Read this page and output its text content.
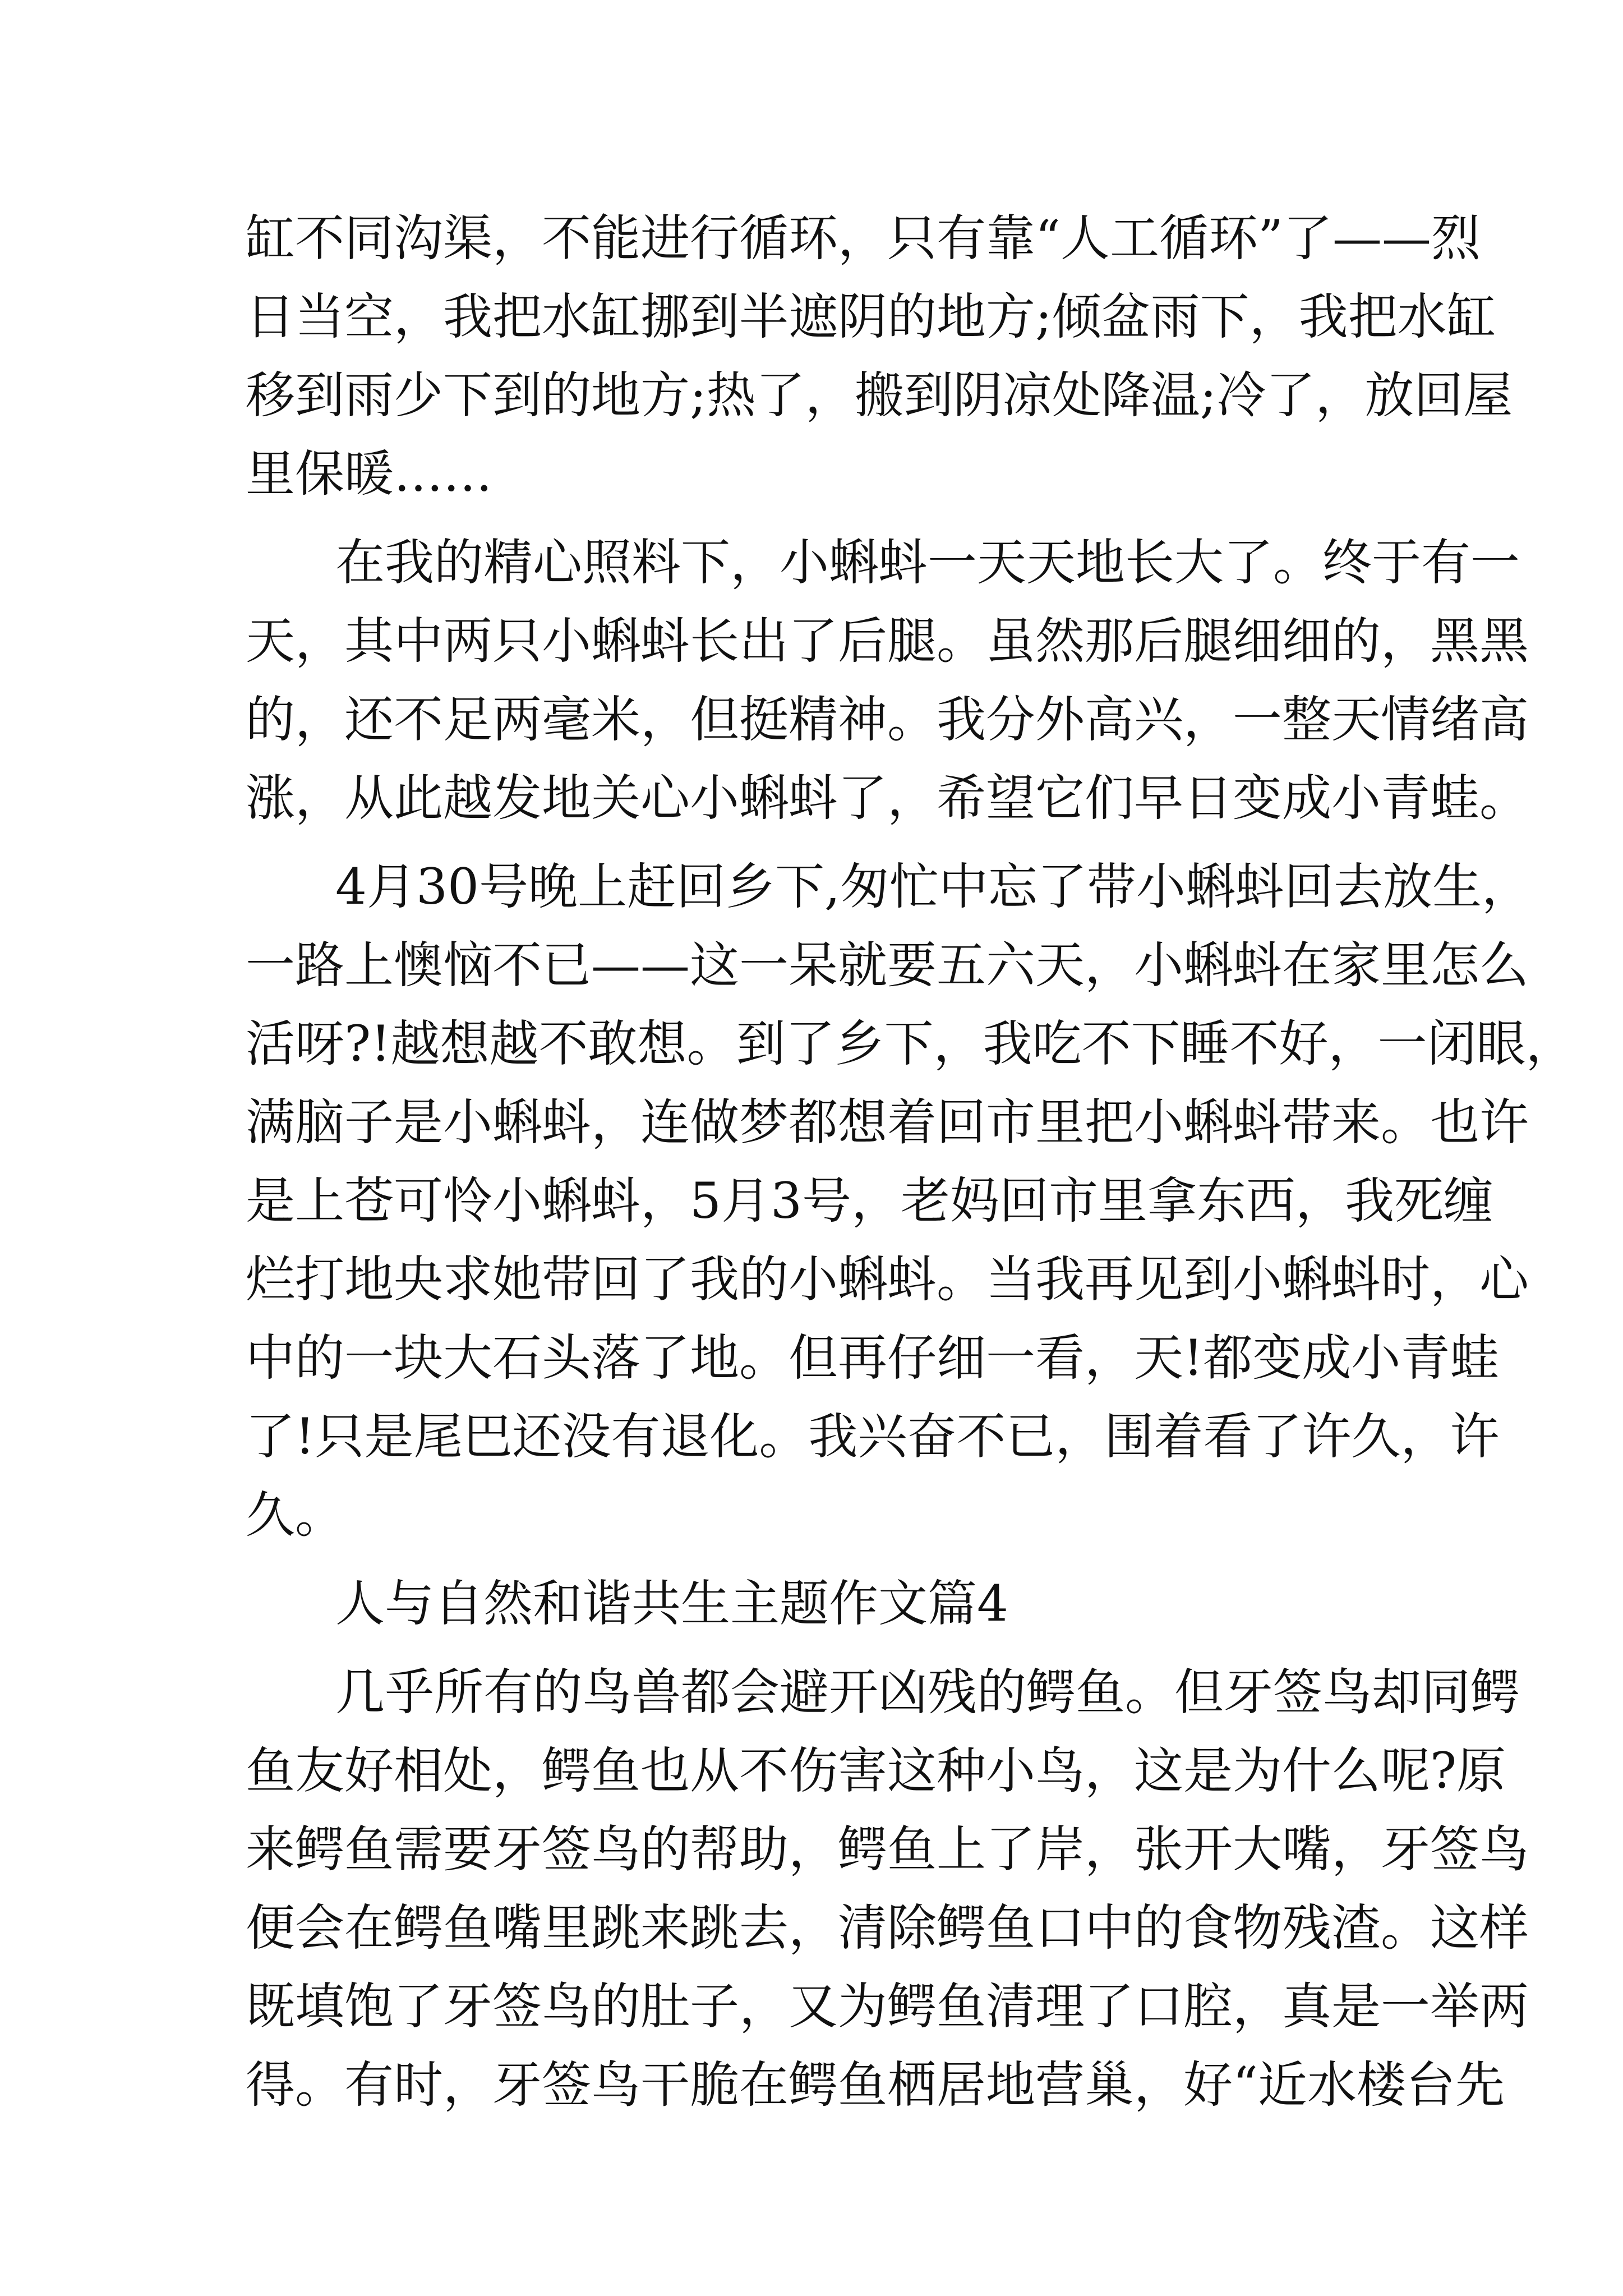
缸不同沟渠，不能进行循环，只有靠“人工循环”了——烈
日当空，我把水缸挪到半遮阴的地方;倾盆雨下，我把水缸
移到雨少下到的地方;热了，搬到阴凉处降温;冷了，放回屋
里保暖……
在我的精心照料下，小蝌蚪一天天地长大了。终于有一
天，其中两只小蝌蚪长出了后腿。虽然那后腿细细的，黑黑
的，还不足两毫米，但挺精神。我分外高兴，一整天情绪高
涨，从此越发地关心小蝌蚪了，希望它们早日变成小青蛙。
4月30号晚上赶回乡下,匆忙中忘了带小蝌蚪回去放生，
一路上懊恼不已——这一呆就要五六天，小蝌蚪在家里怎么
活呀?!越想越不敢想。到了乡下，我吃不下睡不好，一闭眼，
满脑子是小蝌蚪，连做梦都想着回市里把小蝌蚪带来。也许
是上苍可怜小蝌蚪，5月3号，老妈回市里拿东西，我死缠
烂打地央求她带回了我的小蝌蚪。当我再见到小蝌蚪时，心
中的一块大石头落了地。但再仔细一看，天!都变成小青蛙
了!只是尾巴还没有退化。我兴奋不已，围着看了许久，许
久。
人与自然和谐共生主题作文篇4
几乎所有的鸟兽都会避开凶残的鳄鱼。但牙签鸟却同鳄
鱼友好相处，鳄鱼也从不伤害这种小鸟，这是为什么呢?原
来鳄鱼需要牙签鸟的帮助，鳄鱼上了岸，张开大嘴，牙签鸟
便会在鳄鱼嘴里跳来跳去，清除鳄鱼口中的食物残渣。这样
既填饱了牙签鸟的肚子，又为鳄鱼清理了口腔，真是一举两
得。有时，牙签鸟干脆在鳄鱼栖居地营巢，好“近水楼台先
